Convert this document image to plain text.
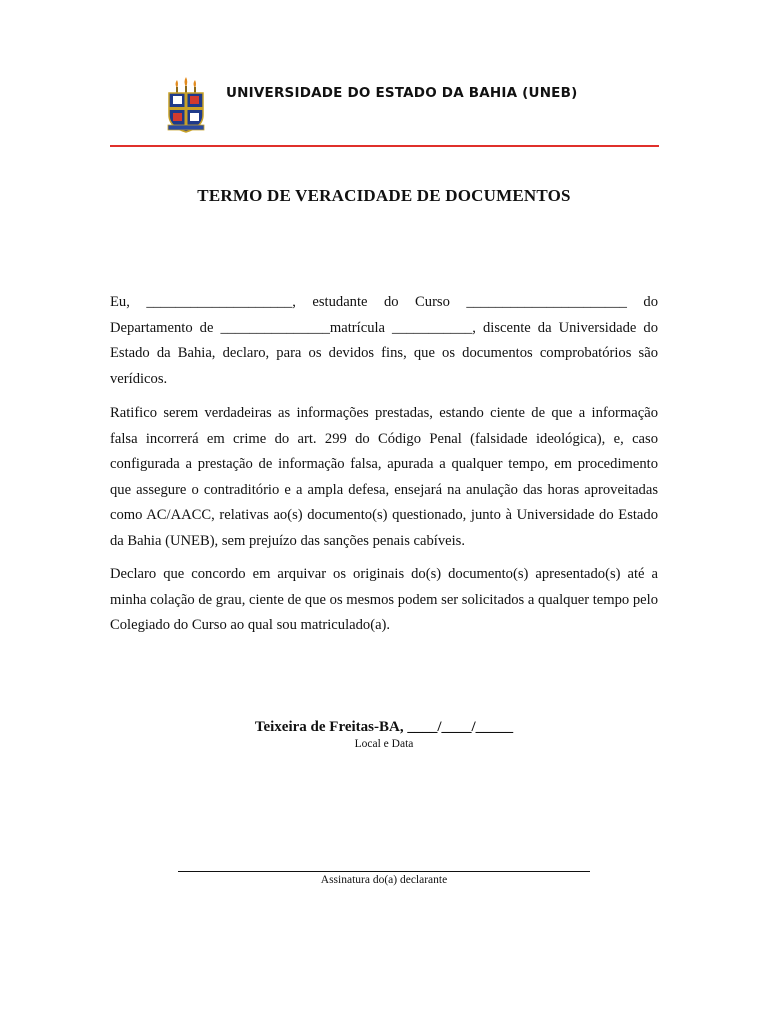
UNIVERSIDADE DO ESTADO DA BAHIA (UNEB)
TERMO DE VERACIDADE DE DOCUMENTOS
Eu, ____________________, estudante do Curso ______________________ do Departamento de _______________matrícula ___________, discente da Universidade do Estado da Bahia, declaro, para os devidos fins, que os documentos comprobatórios são verídicos.
Ratifico serem verdadeiras as informações prestadas, estando ciente de que a informação falsa incorrerá em crime do art. 299 do Código Penal (falsidade ideológica), e, caso configurada a prestação de informação falsa, apurada a qualquer tempo, em procedimento que assegure o contraditório e a ampla defesa, ensejará na anulação das horas aproveitadas como AC/AACC, relativas ao(s) documento(s) questionado, junto à Universidade do Estado da Bahia (UNEB), sem prejuízo das sanções penais cabíveis.
Declaro que concordo em arquivar os originais do(s) documento(s) apresentado(s) até a minha colação de grau, ciente de que os mesmos podem ser solicitados a qualquer tempo pelo Colegiado do Curso ao qual sou matriculado(a).
Teixeira de Freitas-BA, ____/____/_____
Local e Data
Assinatura do(a) declarante
